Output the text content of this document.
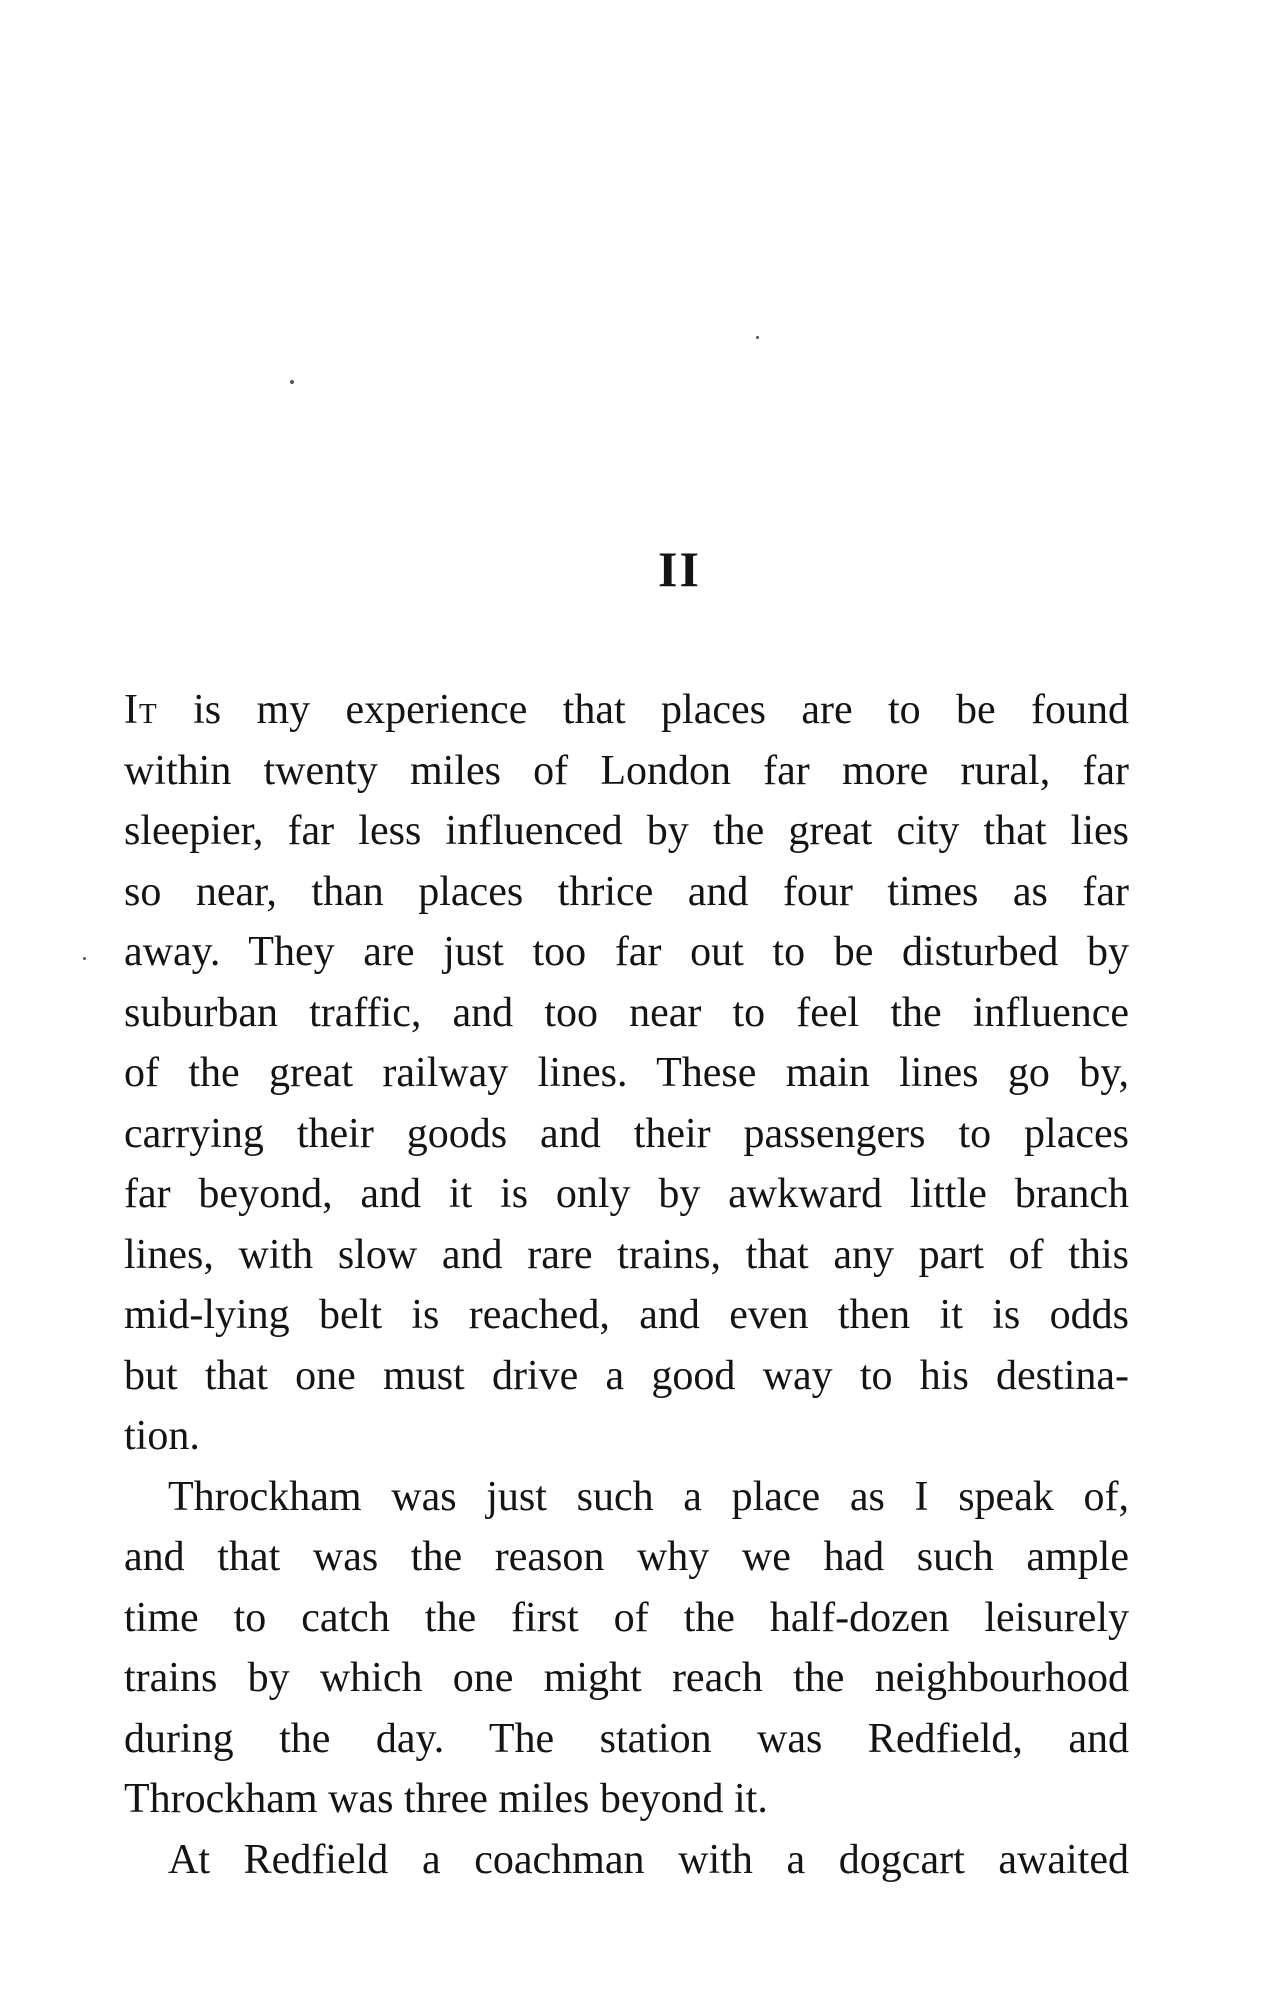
II
It is my experience that places are to be found
within twenty miles of London far more rural, far
sleepier, far less influenced by the great city that lies
so near, than places thrice and four times as far
away. They are just too far out to be disturbed by
suburban traffic, and too near to feel the influence
of the great railway lines. These main lines go by,
carrying their goods and their passengers to places
far beyond, and it is only by awkward little branch
lines, with slow and rare trains, that any part of this
mid-lying belt is reached, and even then it is odds
but that one must drive a good way to his destina-
tion.
Throckham was just such a place as I speak of,
and that was the reason why we had such ample
time to catch the first of the half-dozen leisurely
trains by which one might reach the neighbourhood
during the day. The station was Redfield, and
Throckham was three miles beyond it.
At Redfield a coachman with a dogcart awaited
